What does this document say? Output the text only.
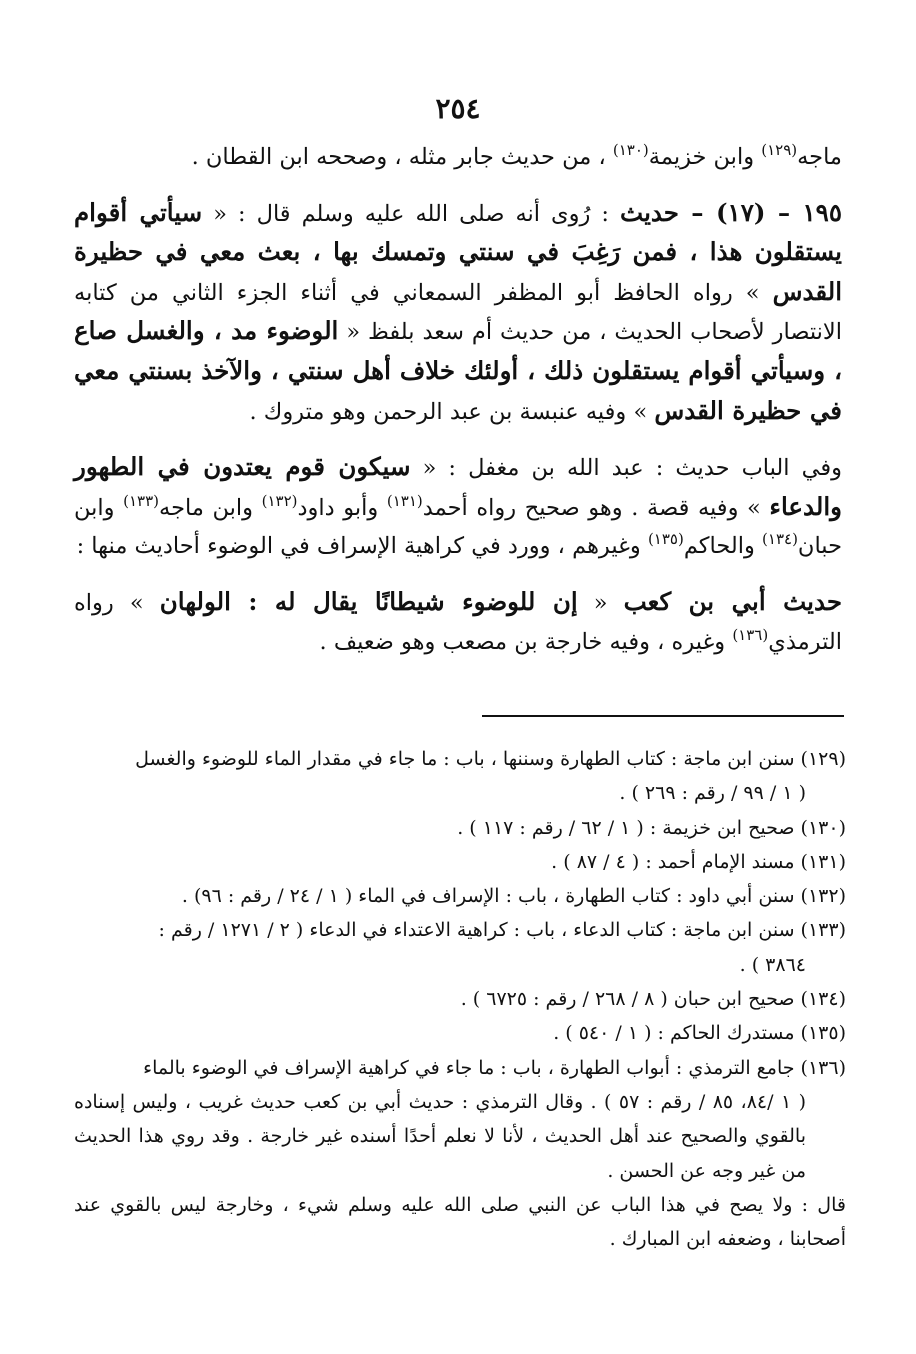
٢٥٤

ماجه$^{(١٢٩)}$ وابن خزيمة$^{(١٣٠)}$ ، من حديث جابر مثله ، وصححه ابن القطان .

١٩٥ – (١٧) – حديث : رُوى أنه صلى الله عليه وسلم قال : « سيأتي أقوام يستقلون هذا ، فمن رَغِبَ في سنتي وتمسك بها ، بعث معي في حظيرة القدس » رواه الحافظ أبو المظفر السمعاني في أثناء الجزء الثاني من كتابه الانتصار لأصحاب الحديث ، من حديث أم سعد بلفظ « الوضوء مد ، والغسل صاع ، وسيأتي أقوام يستقلون ذلك ، أولئك خلاف أهل سنتي ، والآخذ بسنتي معي في حظيرة القدس » وفيه عنبسة بن عبد الرحمن وهو متروك .

وفي الباب حديث : عبد الله بن مغفل : « سيكون قوم يعتدون في الطهور والدعاء » وفيه قصة . وهو صحيح رواه أحمد$^{(١٣١)}$ وأبو داود$^{(١٣٢)}$ وابن ماجه$^{(١٣٣)}$ وابن حبان$^{(١٣٤)}$ والحاكم$^{(١٣٥)}$ وغيرهم ، وورد في كراهية الإسراف في الوضوء أحاديث منها :

حديث أبي بن كعب « إن للوضوء شيطانًا يقال له : الولهان » رواه الترمذي$^{(١٣٦)}$ وغيره ، وفيه خارجة بن مصعب وهو ضعيف .

(١٢٩) سنن ابن ماجة : كتاب الطهارة وسننها ، باب : ما جاء في مقدار الماء للوضوء والغسل

( ١ / ٩٩ / رقم : ٢٦٩ ) .

(١٣٠) صحيح ابن خزيمة : ( ١ / ٦٢ / رقم : ١١٧ ) .

(١٣١) مسند الإمام أحمد : ( ٤ / ٨٧ ) .

(١٣٢) سنن أبي داود : كتاب الطهارة ، باب : الإسراف في الماء ( ١ / ٢٤ / رقم : ٩٦) .

(١٣٣) سنن ابن ماجة : كتاب الدعاء ، باب : كراهية الاعتداء في الدعاء ( ٢ / ١٢٧١ / رقم :

٣٨٦٤ ) .

(١٣٤) صحيح ابن حبان ( ٨ / ٢٦٨ / رقم : ٦٧٢٥ ) .

(١٣٥) مستدرك الحاكم : ( ١ / ٥٤٠ ) .

(١٣٦) جامع الترمذي : أبواب الطهارة ، باب : ما جاء في كراهية الإسراف في الوضوء بالماء

( ١ /٨٤، ٨٥ / رقم : ٥٧ ) . وقال الترمذي : حديث أبي بن كعب حديث غريب ، وليس إسناده بالقوي والصحيح عند أهل الحديث ، لأنا لا نعلم أحدًا أسنده غير خارجة . وقد روي هذا الحديث من غير وجه عن الحسن .

قال : ولا يصح في هذا الباب عن النبي صلى الله عليه وسلم شيء ، وخارجة ليس بالقوي عند أصحابنا ، وضعفه ابن المبارك .
